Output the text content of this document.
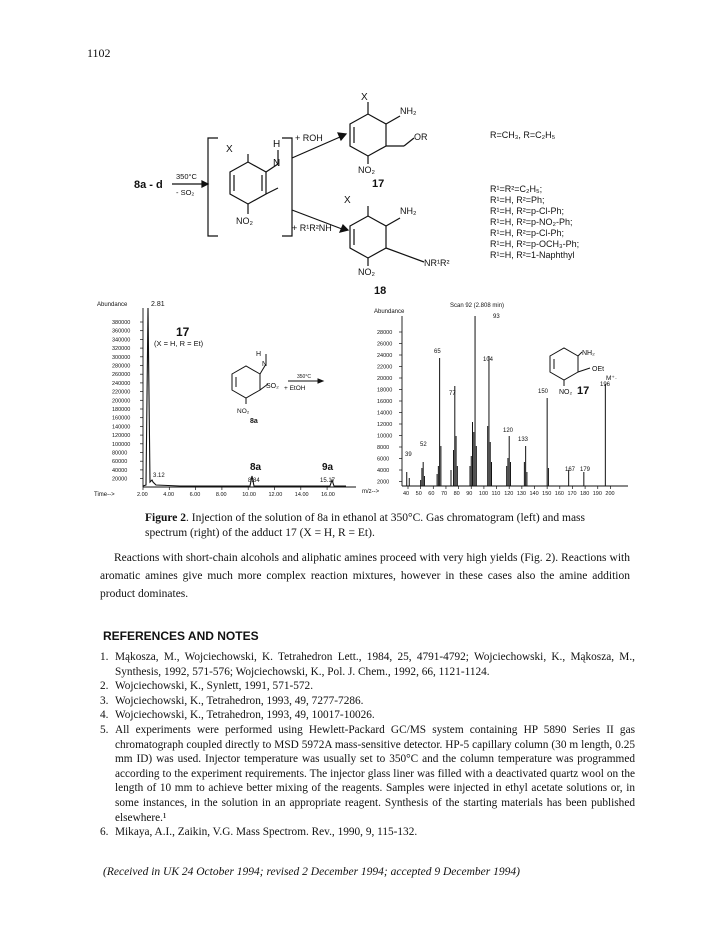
1102
8a - d
350°C
- SO₂
X	H
N
NO₂
+ ROH
+ R¹R²NH
X
NH₂
OR
NO₂
17
X
NH₂
NR¹R²
NO₂
18
R=CH₃, R=C₂H₅
R¹=R²=C₂H₅;
R¹=H, R²=Ph;
R¹=H, R²=p-Cl-Ph;
R¹=H, R²=p-NO₂-Ph;
R¹=H, R²=p-Cl-Ph;
R¹=H, R²=p-OCH₃-Ph;
R¹=H, R²=1-Naphthyl
380000
360000
340000
320000
300000
280000
260000
240000
220000
200000
180000
160000
140000
120000
100000
80000
60000
40000
20000
2.00	4.00	6.00	8.00	10.00 12.00 14.00 16.00
Abundance	2.81
17
(X = H, R = Et)
3.12
8a
8.84
9a
15.17
Time-->
H
N
SO₂
NO₂
8a
+ EtOH
350°C
28000
26000
24000
22000
20000
18000
16000
14000
12000
10000
8000
6000
4000
2000
40 50 60 70 80 90 100 110 120 130 140 150 160 170 180 190 200
Abundance
Scan 92 (2.808 min)
m/z-->
M⁺·
17
NH₂
OEt
NO₂
39
52
65
77
104
120
133
150
167 179
196
93
Figure 2. Injection of the solution of 8a in ethanol at 350°C. Gas chromatogram (left) and mass spectrum (right) of the adduct 17 (X = H, R = Et).
Reactions with short-chain alcohols and aliphatic amines proceed with very high yields (Fig. 2). Reactions with aromatic amines give much more complex reaction mixtures, however in these cases also the amine addition product dominates.
REFERENCES AND NOTES
1. Mąkosza, M., Wojciechowski, K. Tetrahedron Lett., 1984, 25, 4791-4792; Wojciechowski, K., Mąkosza, M., Synthesis, 1992, 571-576; Wojciechowski, K., Pol. J. Chem., 1992, 66, 1121-1124.
2. Wojciechowski, K., Synlett, 1991, 571-572.
3. Wojciechowski, K., Tetrahedron, 1993, 49, 7277-7286.
4. Wojciechowski, K., Tetrahedron, 1993, 49, 10017-10026.
5. All experiments were performed using Hewlett-Packard GC/MS system containing HP 5890 Series II gas chromatograph coupled directly to MSD 5972A mass-sensitive detector. HP-5 capillary column (30 m length, 0.25 mm ID) was used. Injector temperature was usually set to 350°C and the column temperature was programmed according to the experiment requirements. The injector glass liner was filled with a deactivated quartz wool on the length of 10 mm to achieve better mixing of the reagents. Samples were injected in ethyl acetate solutions or, in some instances, in the solution in an appropriate reagent. Synthesis of the starting materials has been published elsewhere.¹
6. Mikaya, A.I., Zaikin, V.G. Mass Spectrom. Rev., 1990, 9, 115-132.
(Received in UK 24 October 1994; revised 2 December 1994; accepted 9 December 1994)
